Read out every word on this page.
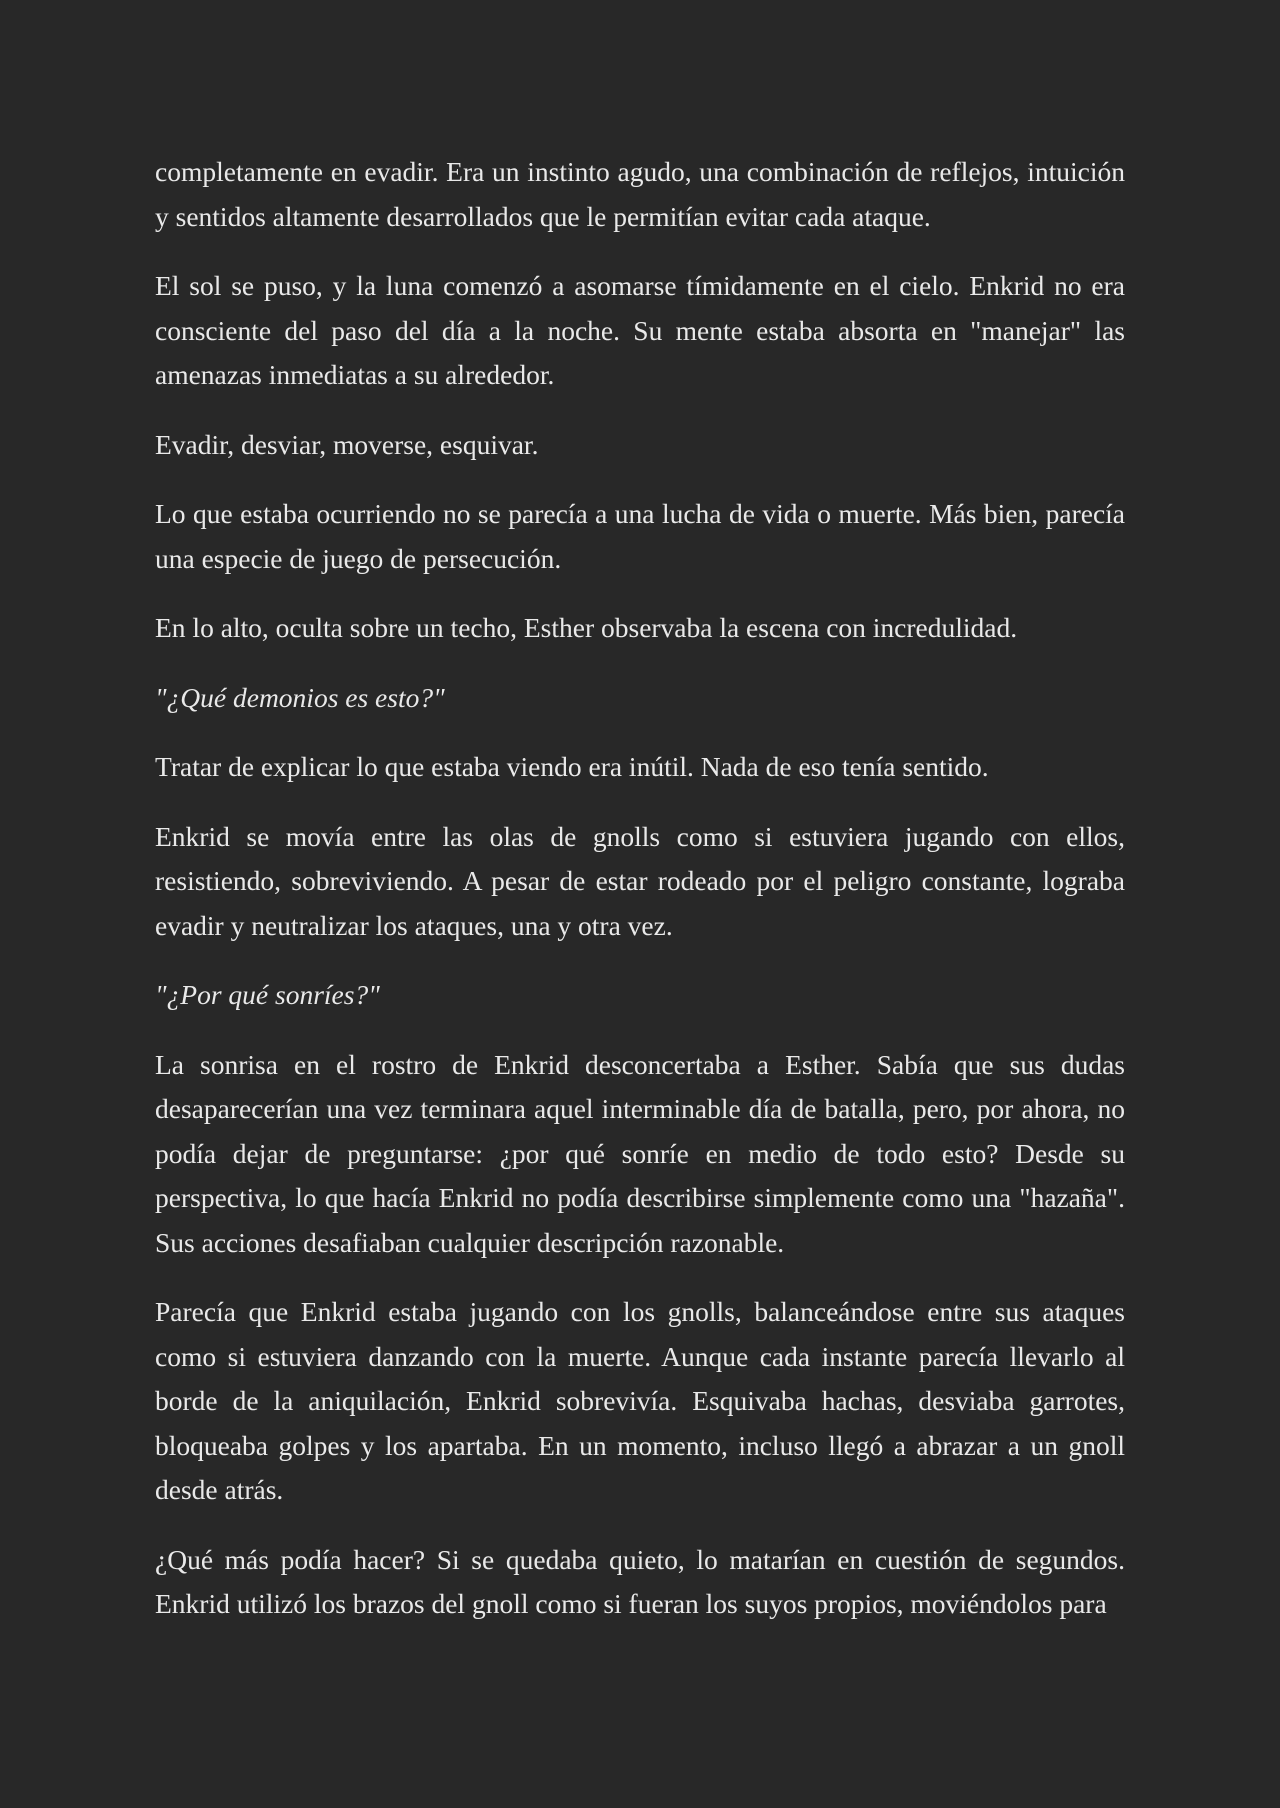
completamente en evadir. Era un instinto agudo, una combinación de reflejos, intuición y sentidos altamente desarrollados que le permitían evitar cada ataque.

El sol se puso, y la luna comenzó a asomarse tímidamente en el cielo. Enkrid no era consciente del paso del día a la noche. Su mente estaba absorta en "manejar" las amenazas inmediatas a su alrededor.

Evadir, desviar, moverse, esquivar.

Lo que estaba ocurriendo no se parecía a una lucha de vida o muerte. Más bien, parecía una especie de juego de persecución.

En lo alto, oculta sobre un techo, Esther observaba la escena con incredulidad.

"¿Qué demonios es esto?"

Tratar de explicar lo que estaba viendo era inútil. Nada de eso tenía sentido.

Enkrid se movía entre las olas de gnolls como si estuviera jugando con ellos, resistiendo, sobreviviendo. A pesar de estar rodeado por el peligro constante, lograba evadir y neutralizar los ataques, una y otra vez.

"¿Por qué sonríes?"

La sonrisa en el rostro de Enkrid desconcertaba a Esther. Sabía que sus dudas desaparecerían una vez terminara aquel interminable día de batalla, pero, por ahora, no podía dejar de preguntarse: ¿por qué sonríe en medio de todo esto? Desde su perspectiva, lo que hacía Enkrid no podía describirse simplemente como una "hazaña". Sus acciones desafiaban cualquier descripción razonable.

Parecía que Enkrid estaba jugando con los gnolls, balanceándose entre sus ataques como si estuviera danzando con la muerte. Aunque cada instante parecía llevarlo al borde de la aniquilación, Enkrid sobrevivía. Esquivaba hachas, desviaba garrotes, bloqueaba golpes y los apartaba. En un momento, incluso llegó a abrazar a un gnoll desde atrás.

¿Qué más podía hacer? Si se quedaba quieto, lo matarían en cuestión de segundos. Enkrid utilizó los brazos del gnoll como si fueran los suyos propios, moviéndolos para
